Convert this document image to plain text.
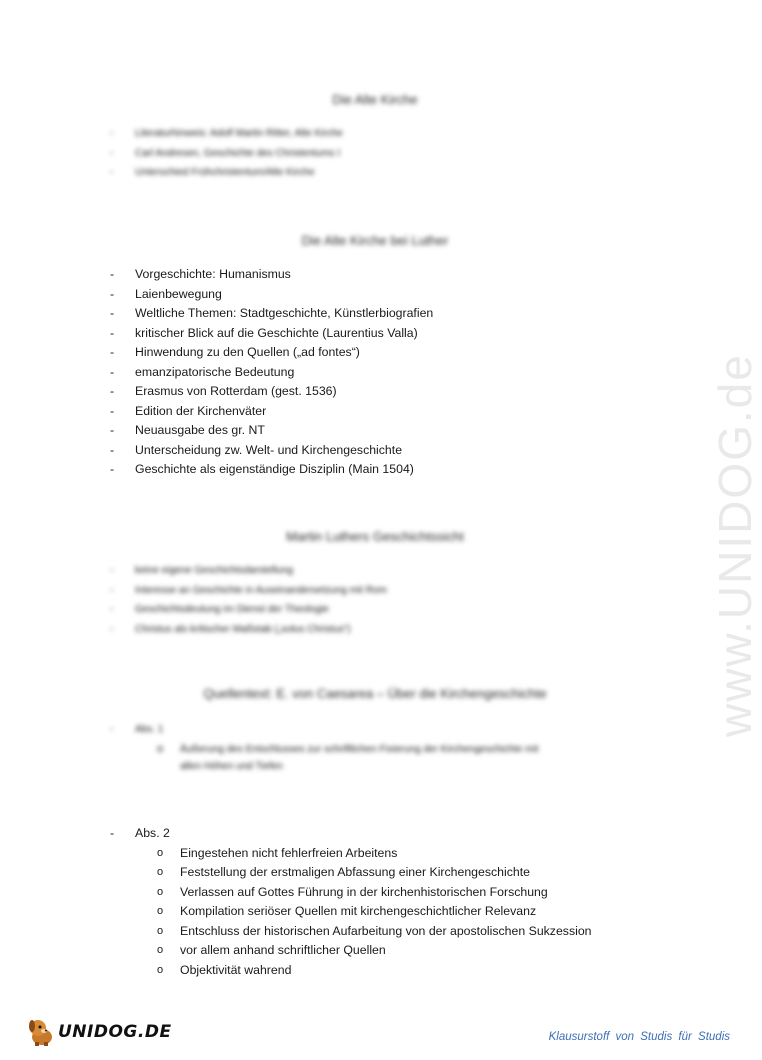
www.UNIDOG.de
Die Alte Kirche
- Literaturhinweis: Adolf Martin Ritter, Alte Kirche
- Carl Andresen, Geschichte des Christentums I
- Unterschied Frühchristentum/Alte Kirche
Die Alte Kirche bei Luther
- Vorgeschichte: Humanismus
- Laienbewegung
- Weltliche Themen: Stadtgeschichte, Künstlerbiografien
- kritischer Blick auf die Geschichte (Laurentius Valla)
- Hinwendung zu den Quellen („ad fontes“)
- emanzipatorische Bedeutung
- Erasmus von Rotterdam (gest. 1536)
- Edition der Kirchenväter
- Neuausgabe des gr. NT
- Unterscheidung zw. Welt- und Kirchengeschichte
- Geschichte als eigenständige Disziplin (Main 1504)
Martin Luthers Geschichtssicht
- keine eigene Geschichtsdarstellung
- Interesse an Geschichte in Auseinandersetzung mit Rom
- Geschichtsdeutung im Dienst der Theologie
- Christus als kritischer Maßstab („solus Christus“)
Quellentext: E. von Caesarea – Über die Kirchengeschichte
- Abs. 1
o Äußerung des Entschlusses zur schriftlichen Fixierung der Kirchengeschichte mit
allen Höhen und Tiefen
- Abs. 2
o Eingestehen nicht fehlerfreien Arbeitens
o Feststellung der erstmaligen Abfassung einer Kirchengeschichte
o Verlassen auf Gottes Führung in der kirchenhistorischen Forschung
o Kompilation seriöser Quellen mit kirchengeschichtlicher Relevanz
o Entschluss der historischen Aufarbeitung von der apostolischen Sukzession
o vor allem anhand schriftlicher Quellen
o Objektivität wahrend
UNIDOG.DE	Klausurstoff von Studis für Studis
